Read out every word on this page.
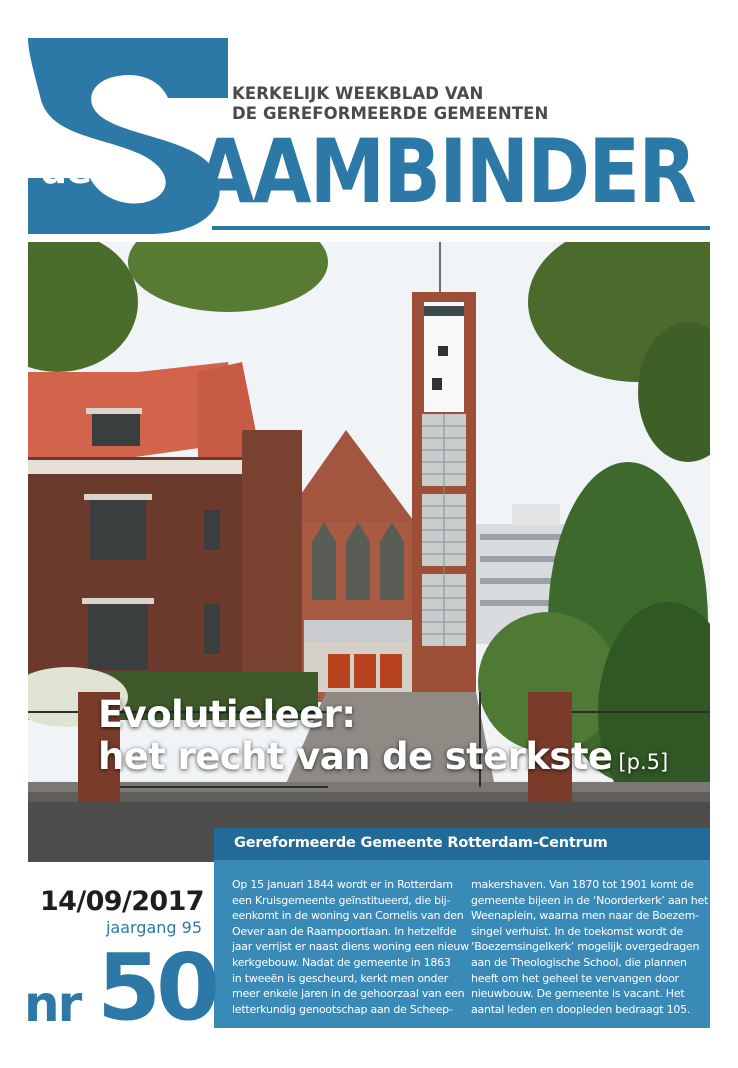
de
KERKELIJK WEEKBLAD VAN
DE GEREFORMEERDE GEMEENTEN
AAMBINDER
Evolutieleer:
het recht van de sterkste [p.5]
Gereformeerde Gemeente Rotterdam-Centrum
Op 15 januari 1844 wordt er in Rotterdam
een Kruisgemeente geïnstitueerd, die bij-
eenkomt in de woning van Cornelis van den
Oever aan de Raampoortlaan. In hetzelfde
jaar verrijst er naast diens woning een nieuw
kerkgebouw. Nadat de gemeente in 1863
in tweeën is gescheurd, kerkt men onder
meer enkele jaren in de gehoorzaal van een
letterkundig genootschap aan de Scheep-
makershaven. Van 1870 tot 1901 komt de
gemeente bijeen in de ‘Noorderkerk’ aan het
Weenaplein, waarna men naar de Boezem-
singel verhuist. In de toekomst wordt de
‘Boezemsingelkerk’ mogelijk overgedragen
aan de Theologische School, die plannen
heeft om het geheel te vervangen door
nieuwbouw. De gemeente is vacant. Het
aantal leden en doopleden bedraagt 105.
14/09/2017
jaargang 95
nr 50
